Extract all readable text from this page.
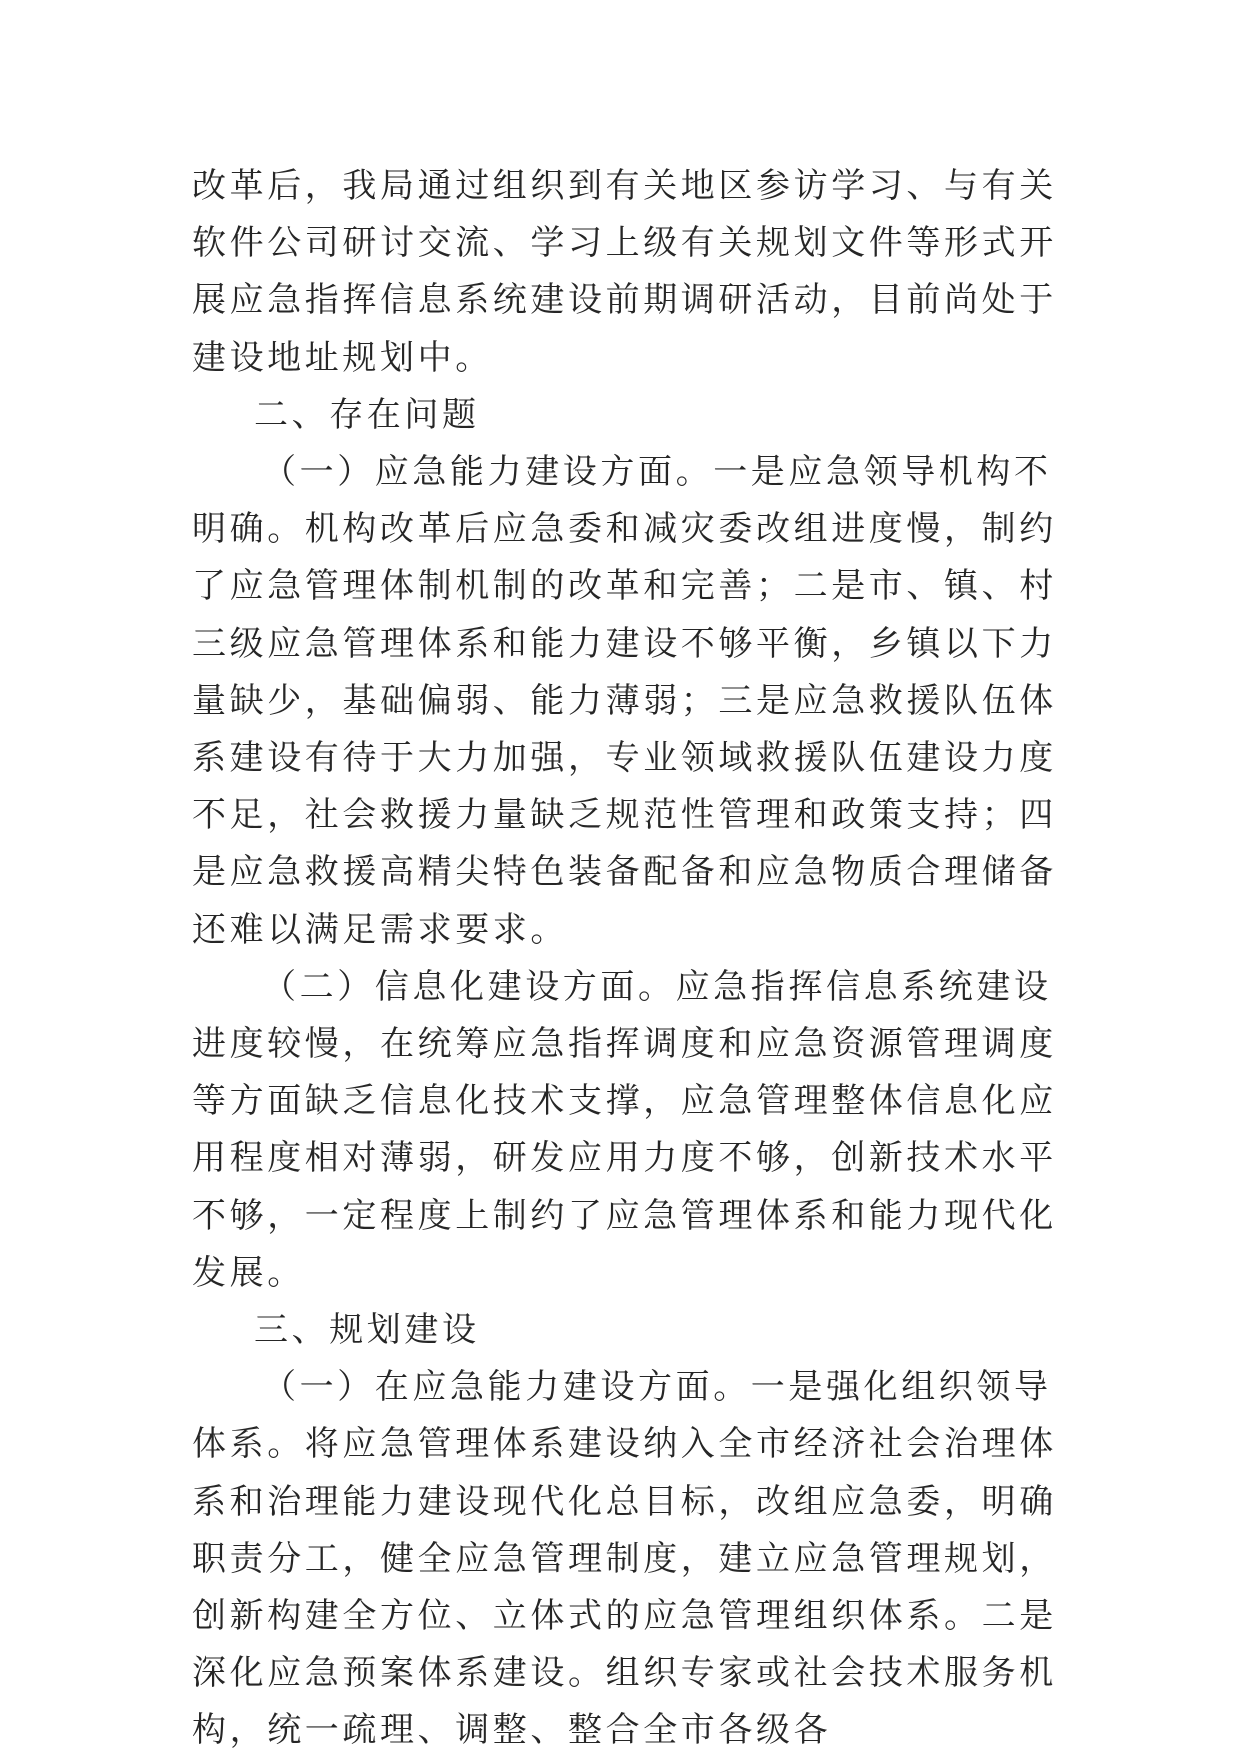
改革后，我局通过组织到有关地区参访学习、与有关软件公司研讨交流、学习上级有关规划文件等形式开展应急指挥信息系统建设前期调研活动，目前尚处于建设地址规划中。

二、存在问题

（一）应急能力建设方面。一是应急领导机构不明确。机构改革后应急委和减灾委改组进度慢，制约了应急管理体制机制的改革和完善；二是市、镇、村三级应急管理体系和能力建设不够平衡，乡镇以下力量缺少，基础偏弱、能力薄弱；三是应急救援队伍体系建设有待于大力加强，专业领域救援队伍建设力度不足，社会救援力量缺乏规范性管理和政策支持；四是应急救援高精尖特色装备配备和应急物质合理储备还难以满足需求要求。

（二）信息化建设方面。应急指挥信息系统建设进度较慢，在统筹应急指挥调度和应急资源管理调度等方面缺乏信息化技术支撑，应急管理整体信息化应用程度相对薄弱，研发应用力度不够，创新技术水平不够，一定程度上制约了应急管理体系和能力现代化发展。

三、规划建设

（一）在应急能力建设方面。一是强化组织领导体系。将应急管理体系建设纳入全市经济社会治理体系和治理能力建设现代化总目标，改组应急委，明确职责分工，健全应急管理制度，建立应急管理规划，创新构建全方位、立体式的应急管理组织体系。二是深化应急预案体系建设。组织专家或社会技术服务机构，统一疏理、调整、整合全市各级各
